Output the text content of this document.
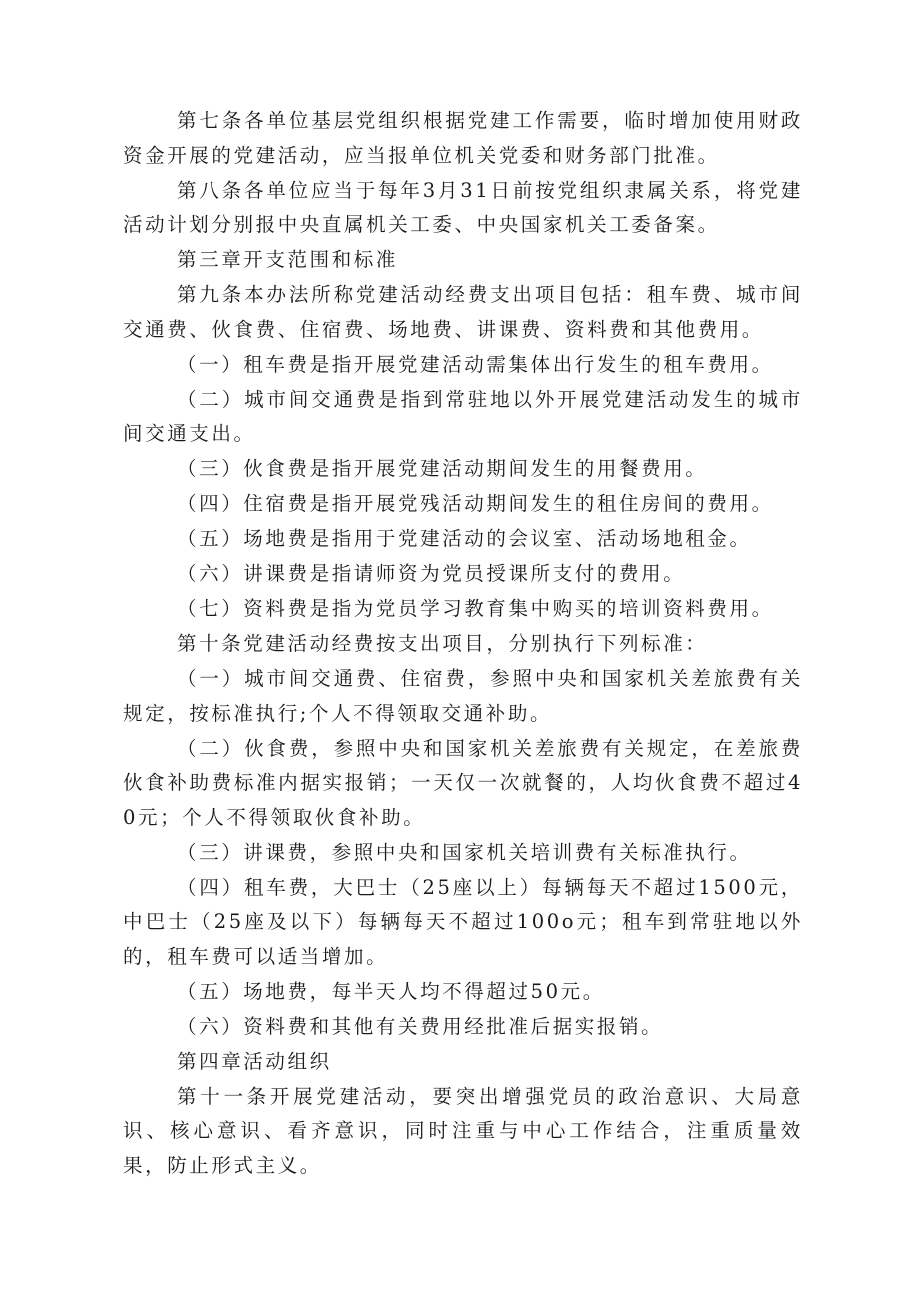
第七条各单位基层党组织根据党建工作需要，临时增加使用财政资金开展的党建活动，应当报单位机关党委和财务部门批准。

第八条各单位应当于每年3月31日前按党组织隶属关系，将党建活动计划分别报中央直属机关工委、中央国家机关工委备案。

第三章开支范围和标准

第九条本办法所称党建活动经费支出项目包括：租车费、城市间交通费、伙食费、住宿费、场地费、讲课费、资料费和其他费用。

（一）租车费是指开展党建活动需集体出行发生的租车费用。

（二）城市间交通费是指到常驻地以外开展党建活动发生的城市间交通支出。

（三）伙食费是指开展党建活动期间发生的用餐费用。

（四）住宿费是指开展党残活动期间发生的租住房间的费用。

（五）场地费是指用于党建活动的会议室、活动场地租金。

（六）讲课费是指请师资为党员授课所支付的费用。

（七）资料费是指为党员学习教育集中购买的培训资料费用。

第十条党建活动经费按支出项目，分别执行下列标准：

（一）城市间交通费、住宿费，参照中央和国家机关差旅费有关规定，按标准执行;个人不得领取交通补助。

（二）伙食费，参照中央和国家机关差旅费有关规定，在差旅费伙食补助费标准内据实报销；一天仅一次就餐的，人均伙食费不超过40元；个人不得领取伙食补助。

（三）讲课费，参照中央和国家机关培训费有关标准执行。

（四）租车费，大巴士（25座以上）每辆每天不超过1500元，中巴士（25座及以下）每辆每天不超过100o元；租车到常驻地以外的，租车费可以适当增加。

（五）场地费，每半天人均不得超过50元。

（六）资料费和其他有关费用经批准后据实报销。

第四章活动组织

第十一条开展党建活动，要突出增强党员的政治意识、大局意识、核心意识、看齐意识，同时注重与中心工作结合，注重质量效果，防止形式主义。
